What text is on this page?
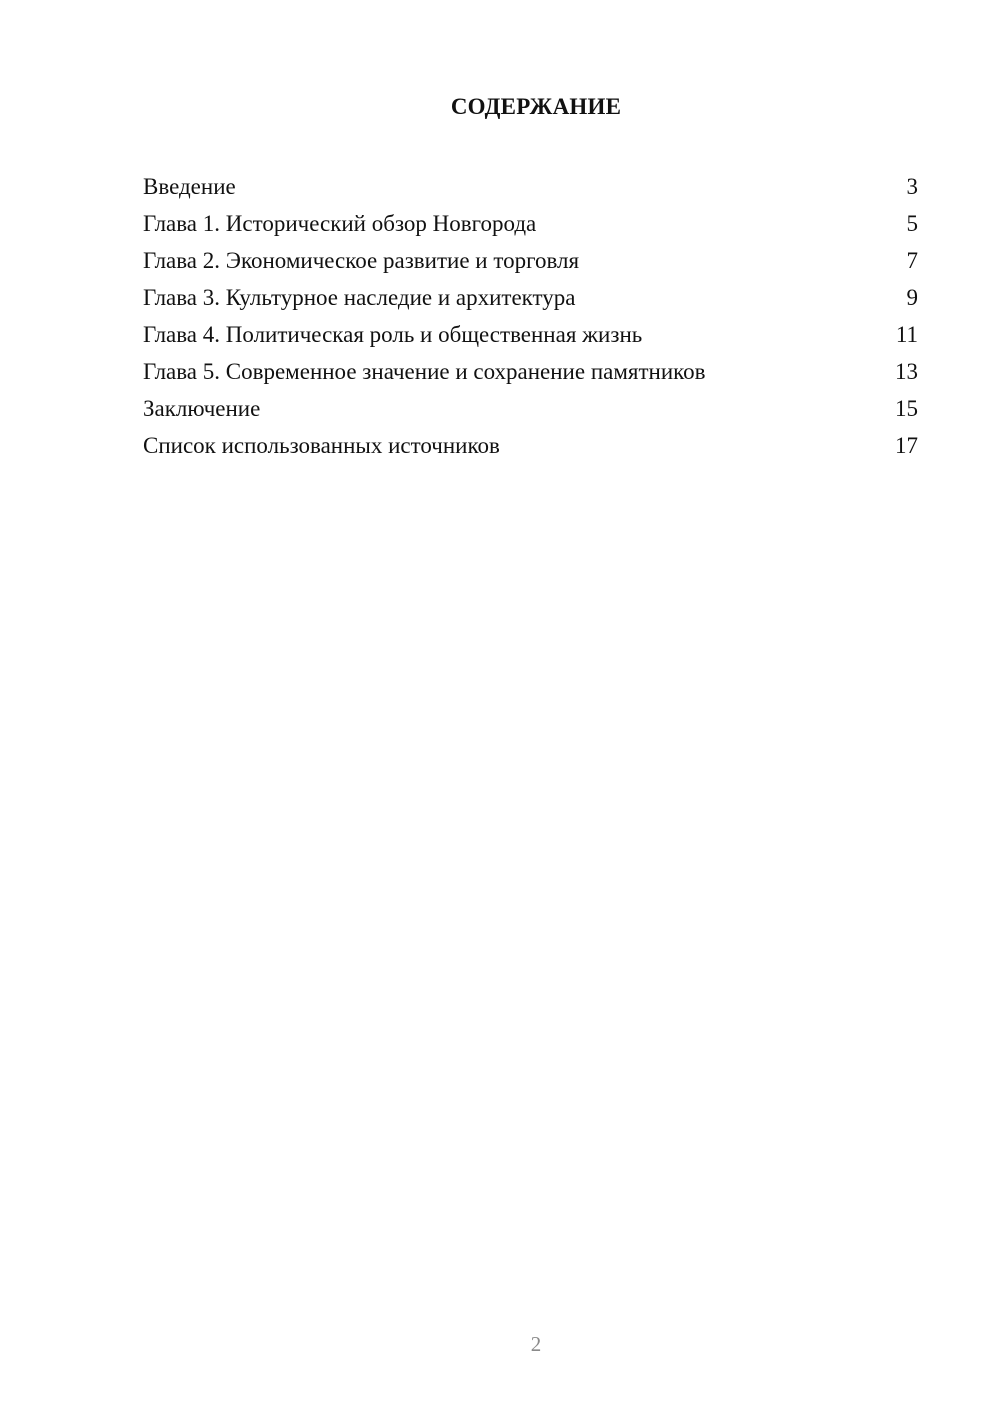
СОДЕРЖАНИЕ
Введение	3
Глава 1. Исторический обзор Новгорода	5
Глава 2. Экономическое развитие и торговля	7
Глава 3. Культурное наследие и архитектура	9
Глава 4. Политическая роль и общественная жизнь	11
Глава 5. Современное значение и сохранение памятников	13
Заключение	15
Список использованных источников	17
2
